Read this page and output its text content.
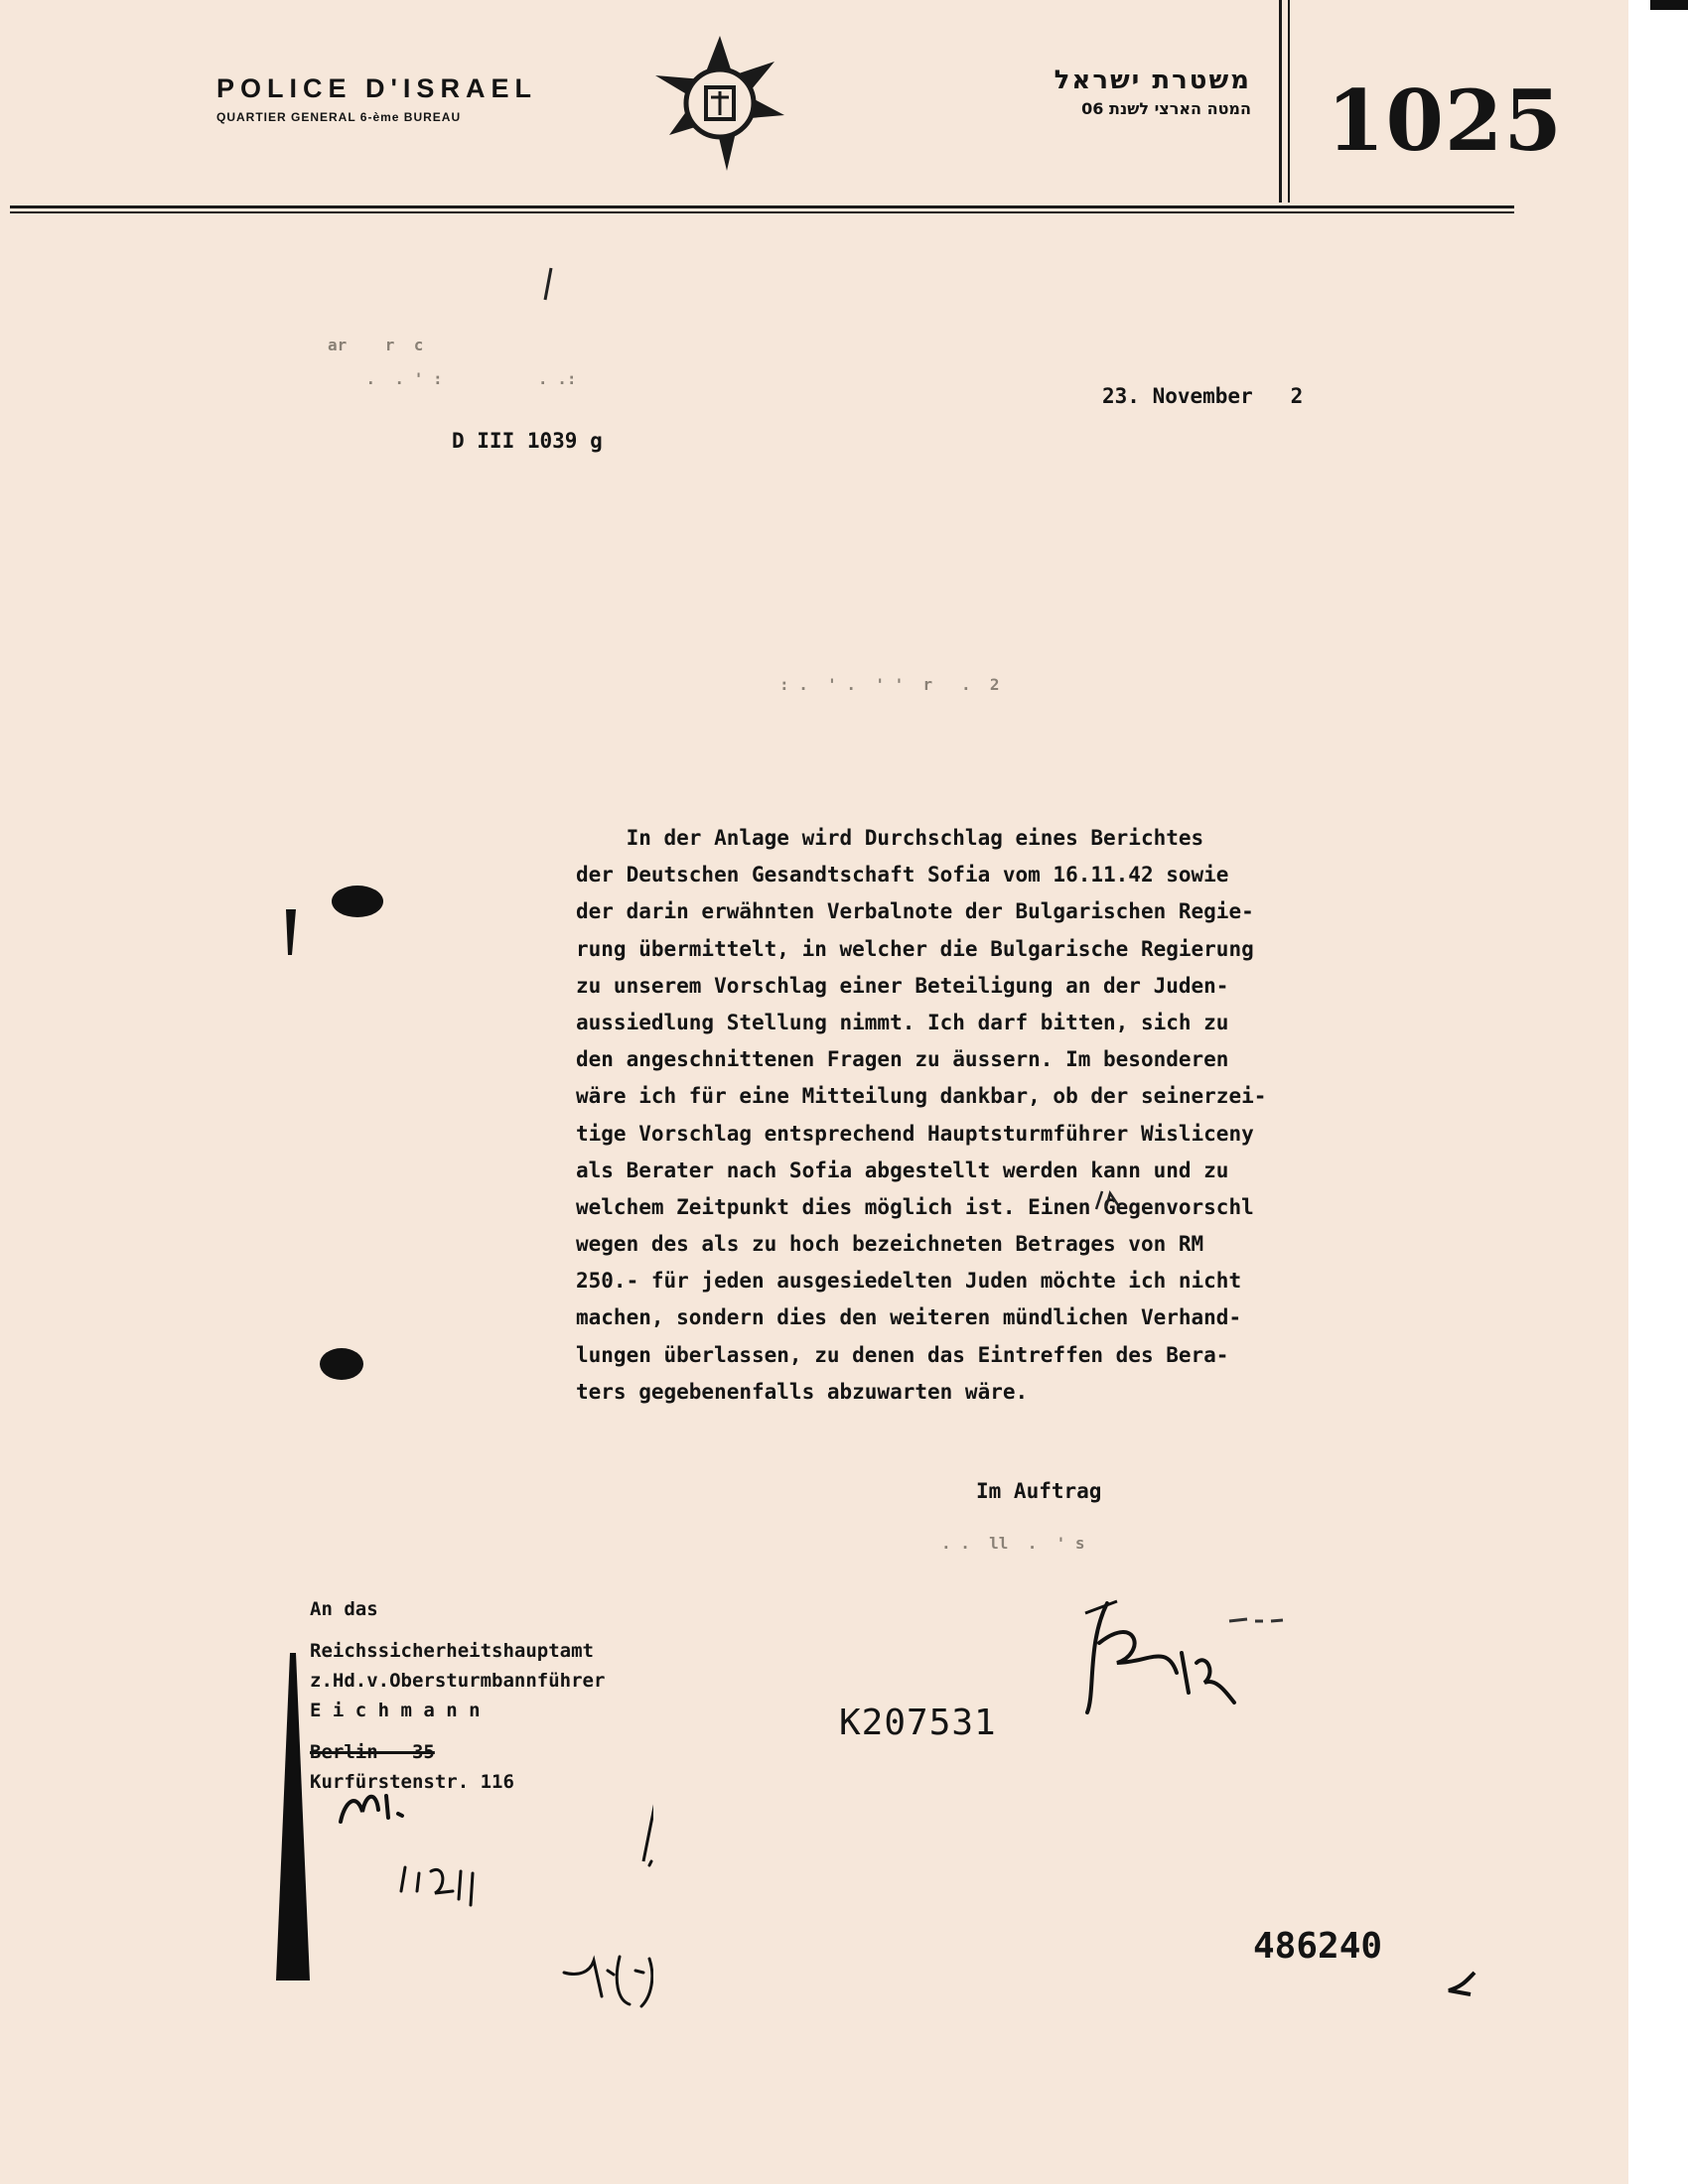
POLICE D'ISRAEL
QUARTIER GENERAL 6-ème BUREAU
משטרת ישראל
המטה הארצי לשנת 06 1025
ar    r  c
.  . ' :          . .:
23. November   2
D III 1039 g
: .  ' .  ' '  r   .  2
In der Anlage wird Durchschlag eines Berichtes
der Deutschen Gesandtschaft Sofia vom 16.11.42 sowie
der darin erwähnten Verbalnote der Bulgarischen Regie-
rung übermittelt, in welcher die Bulgarische Regierung
zu unserem Vorschlag einer Beteiligung an der Juden-
aussiedlung Stellung nimmt. Ich darf bitten, sich zu
den angeschnittenen Fragen zu äussern. Im besonderen
wäre ich für eine Mitteilung dankbar, ob der seinerzei-
tige Vorschlag entsprechend Hauptsturmführer Wisliceny
als Berater nach Sofia abgestellt werden kann und zu
welchem Zeitpunkt dies möglich ist. Einen Gegenvorschl
wegen des als zu hoch bezeichneten Betrages von RM
250.- für jeden ausgesiedelten Juden möchte ich nicht
machen, sondern dies den weiteren mündlichen Verhand-
lungen überlassen, zu denen das Eintreffen des Bera-
ters gegebenenfalls abzuwarten wäre.
Im Auftrag
. .  ll  .  ' s
An das
Reichssicherheitshauptamt
z.Hd.v.Obersturmbannführer
E i c h m a n n
Berlin   35
Kurfürstenstr. 116
K207531
486240
